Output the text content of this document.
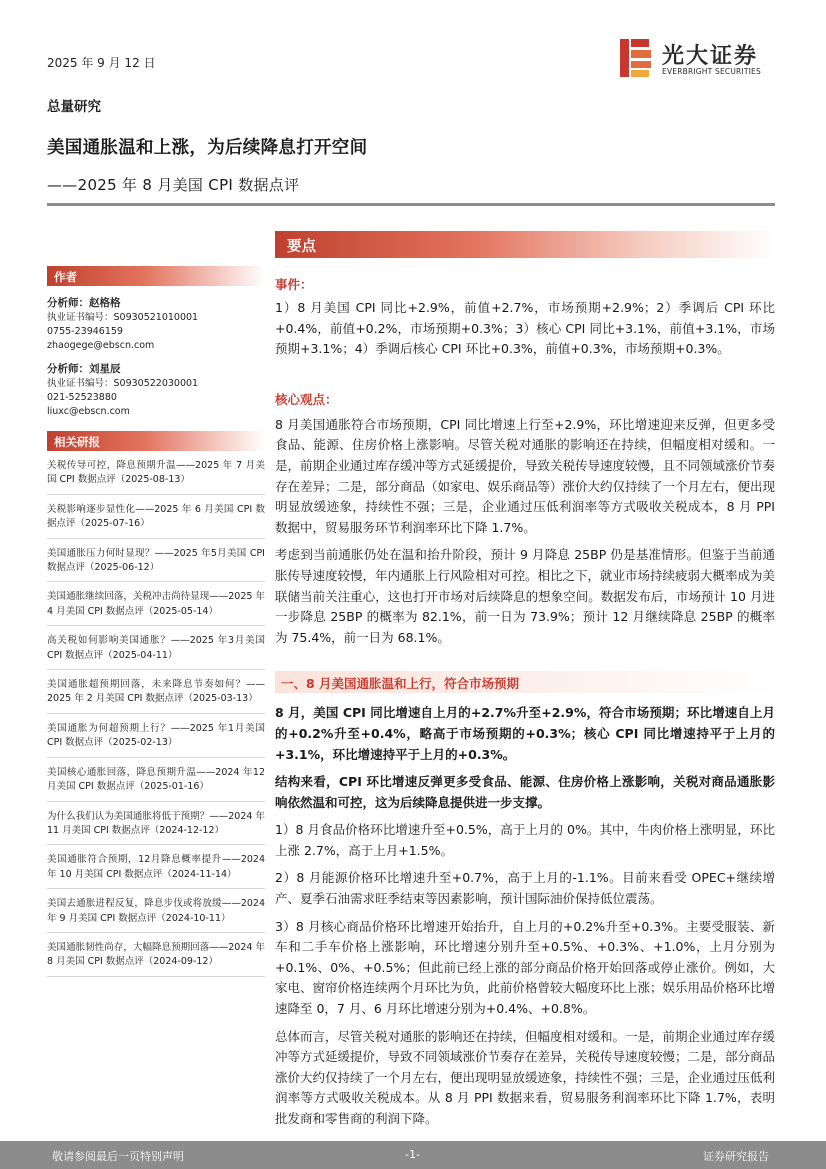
2025 年 9 月 12 日
总量研究
美国通胀温和上涨，为后续降息打开空间
——2025 年 8 月美国 CPI 数据点评
光大证券
EVERBRIGHT SECURITIES
作者
分析师：赵格格
执业证书编号：S0930521010001
0755-23946159
zhaogege@ebscn.com
分析师：刘星辰
执业证书编号：S0930522030001
021-52523880
liuxc@ebscn.com
相关研报
关税传导可控，降息预期升温——2025 年 7 月美国 CPI 数据点评（2025-08-13）
关税影响逐步显性化——2025 年 6 月美国 CPI 数据点评（2025-07-16）
美国通胀压力何时显现？——2025 年5月美国 CPI 数据点评（2025-06-12）
美国通胀继续回落，关税冲击尚待显现——2025 年 4 月美国 CPI 数据点评（2025-05-14）
高关税如何影响美国通胀？——2025 年3月美国 CPI 数据点评（2025-04-11）
美国通胀超预期回落，未来降息节奏如何？——2025 年 2 月美国 CPI 数据点评（2025-03-13）
美国通胀为何超预期上行？——2025 年1月美国 CPI 数据点评（2025-02-13）
美国核心通胀回落，降息预期升温——2024 年12月美国 CPI 数据点评（2025-01-16）
为什么我们认为美国通胀将低于预期？——2024 年 11 月美国 CPI 数据点评（2024-12-12）
美国通胀符合预期，12月降息概率提升——2024 年 10 月美国 CPI 数据点评（2024-11-14）
美国去通胀进程反复，降息步伐或将放缓——2024 年 9 月美国 CPI 数据点评（2024-10-11）
美国通胀韧性尚存，大幅降息预期回落——2024 年 8 月美国 CPI 数据点评（2024-09-12）
要点
事件：
1）8 月美国 CPI 同比+2.9%，前值+2.7%，市场预期+2.9%；2）季调后 CPI 环比+0.4%，前值+0.2%，市场预期+0.3%；3）核心 CPI 同比+3.1%，前值+3.1%，市场预期+3.1%；4）季调后核心 CPI 环比+0.3%，前值+0.3%，市场预期+0.3%。
核心观点：
8 月美国通胀符合市场预期，CPI 同比增速上行至+2.9%，环比增速迎来反弹，但更多受食品、能源、住房价格上涨影响。尽管关税对通胀的影响还在持续，但幅度相对缓和。一是，前期企业通过库存缓冲等方式延缓提价，导致关税传导速度较慢，且不同领域涨价节奏存在差异；二是，部分商品（如家电、娱乐商品等）涨价大约仅持续了一个月左右，便出现明显放缓迹象，持续性不强；三是，企业通过压低利润率等方式吸收关税成本，8 月 PPI 数据中，贸易服务环节利润率环比下降 1.7%。
考虑到当前通胀仍处在温和抬升阶段，预计 9 月降息 25BP 仍是基准情形。但鉴于当前通胀传导速度较慢，年内通胀上行风险相对可控。相比之下，就业市场持续疲弱大概率成为美联储当前关注重心，这也打开市场对后续降息的想象空间。数据发布后，市场预计 10 月进一步降息 25BP 的概率为 82.1%，前一日为 73.9%；预计 12 月继续降息 25BP 的概率为 75.4%，前一日为 68.1%。
一、8 月美国通胀温和上行，符合市场预期
8 月，美国 CPI 同比增速自上月的+2.7%升至+2.9%，符合市场预期；环比增速自上月的+0.2%升至+0.4%，略高于市场预期的+0.3%；核心 CPI 同比增速持平于上月的+3.1%，环比增速持平于上月的+0.3%。
结构来看，CPI 环比增速反弹更多受食品、能源、住房价格上涨影响，关税对商品通胀影响依然温和可控，这为后续降息提供进一步支撑。
1）8 月食品价格环比增速升至+0.5%，高于上月的 0%。其中，牛肉价格上涨明显，环比上涨 2.7%，高于上月+1.5%。
2）8 月能源价格环比增速升至+0.7%，高于上月的-1.1%。目前来看受 OPEC+继续增产、夏季石油需求旺季结束等因素影响，预计国际油价保持低位震荡。
3）8 月核心商品价格环比增速开始抬升，自上月的+0.2%升至+0.3%。主要受服装、新车和二手车价格上涨影响，环比增速分别升至+0.5%、+0.3%、+1.0%，上月分别为+0.1%、0%、+0.5%；但此前已经上涨的部分商品价格开始回落或停止涨价。例如，大家电、窗帘价格连续两个月环比为负，此前价格曾较大幅度环比上涨；娱乐用品价格环比增速降至 0，7 月、6 月环比增速分别为+0.4%、+0.8%。
总体而言，尽管关税对通胀的影响还在持续，但幅度相对缓和。一是，前期企业通过库存缓冲等方式延缓提价，导致不同领域涨价节奏存在差异，关税传导速度较慢；二是，部分商品涨价大约仅持续了一个月左右，便出现明显放缓迹象，持续性不强；三是，企业通过压低利润率等方式吸收关税成本。从 8 月 PPI 数据来看，贸易服务利润率环比下降 1.7%，表明批发商和零售商的利润下降。
敬请参阅最后一页特别声明	-1-	证券研究报告
